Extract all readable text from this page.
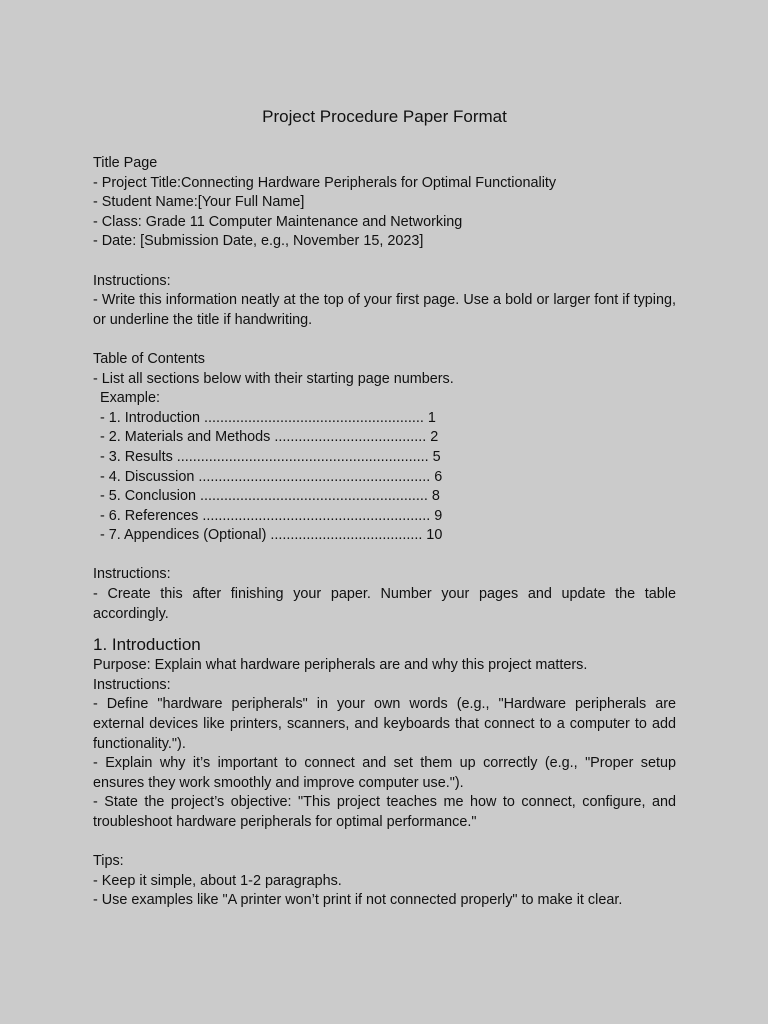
Project Procedure Paper Format
Title Page
- Project Title:Connecting Hardware Peripherals for Optimal Functionality
- Student Name:[Your Full Name]
- Class: Grade 11 Computer Maintenance and Networking
- Date: [Submission Date, e.g., November 15, 2023]
Instructions:
- Write this information neatly at the top of your first page. Use a bold or larger font if typing, or underline the title if handwriting.
Table of Contents
- List all sections below with their starting page numbers.
Example:
- 1. Introduction ....................................................... 1
- 2. Materials and Methods ...................................... 2
- 3. Results ............................................................... 5
- 4. Discussion .......................................................... 6
- 5. Conclusion ......................................................... 8
- 6. References ......................................................... 9
- 7. Appendices (Optional) ...................................... 10
Instructions:
- Create this after finishing your paper. Number your pages and update the table accordingly.
1. Introduction
Purpose: Explain what hardware peripherals are and why this project matters.
Instructions:
- Define "hardware peripherals" in your own words (e.g., "Hardware peripherals are external devices like printers, scanners, and keyboards that connect to a computer to add functionality.").
- Explain why it’s important to connect and set them up correctly (e.g., "Proper setup ensures they work smoothly and improve computer use.").
- State the project’s objective: "This project teaches me how to connect, configure, and troubleshoot hardware peripherals for optimal performance."
Tips:
- Keep it simple, about 1-2 paragraphs.
- Use examples like "A printer won’t print if not connected properly" to make it clear.
